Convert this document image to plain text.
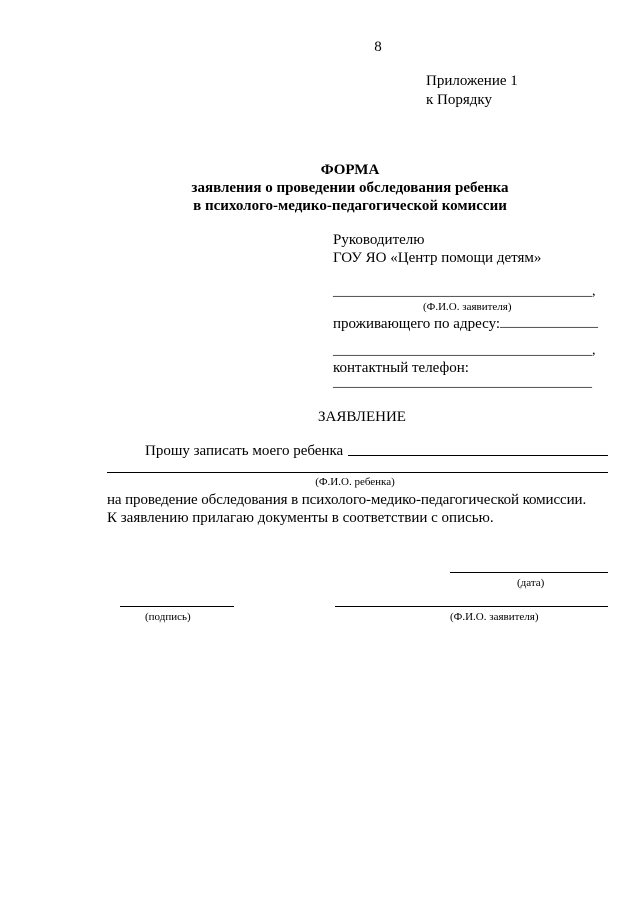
8
Приложение 1
к Порядку
ФОРМА
заявления о проведении обследования ребенка
в психолого-медико-педагогической комиссии
Руководителю
ГОУ ЯО «Центр помощи детям»
_____________________________________,
(Ф.И.О. заявителя)
проживающего по адресу: ______________
_____________________________________,
контактный телефон:
_____________________________________
ЗАЯВЛЕНИЕ
Прошу записать моего ребенка
(Ф.И.О. ребенка)
на проведение обследования в психолого-медико-педагогической комиссии.
К заявлению прилагаю документы в соответствии с описью.
(дата)
(подпись)	(Ф.И.О. заявителя)
